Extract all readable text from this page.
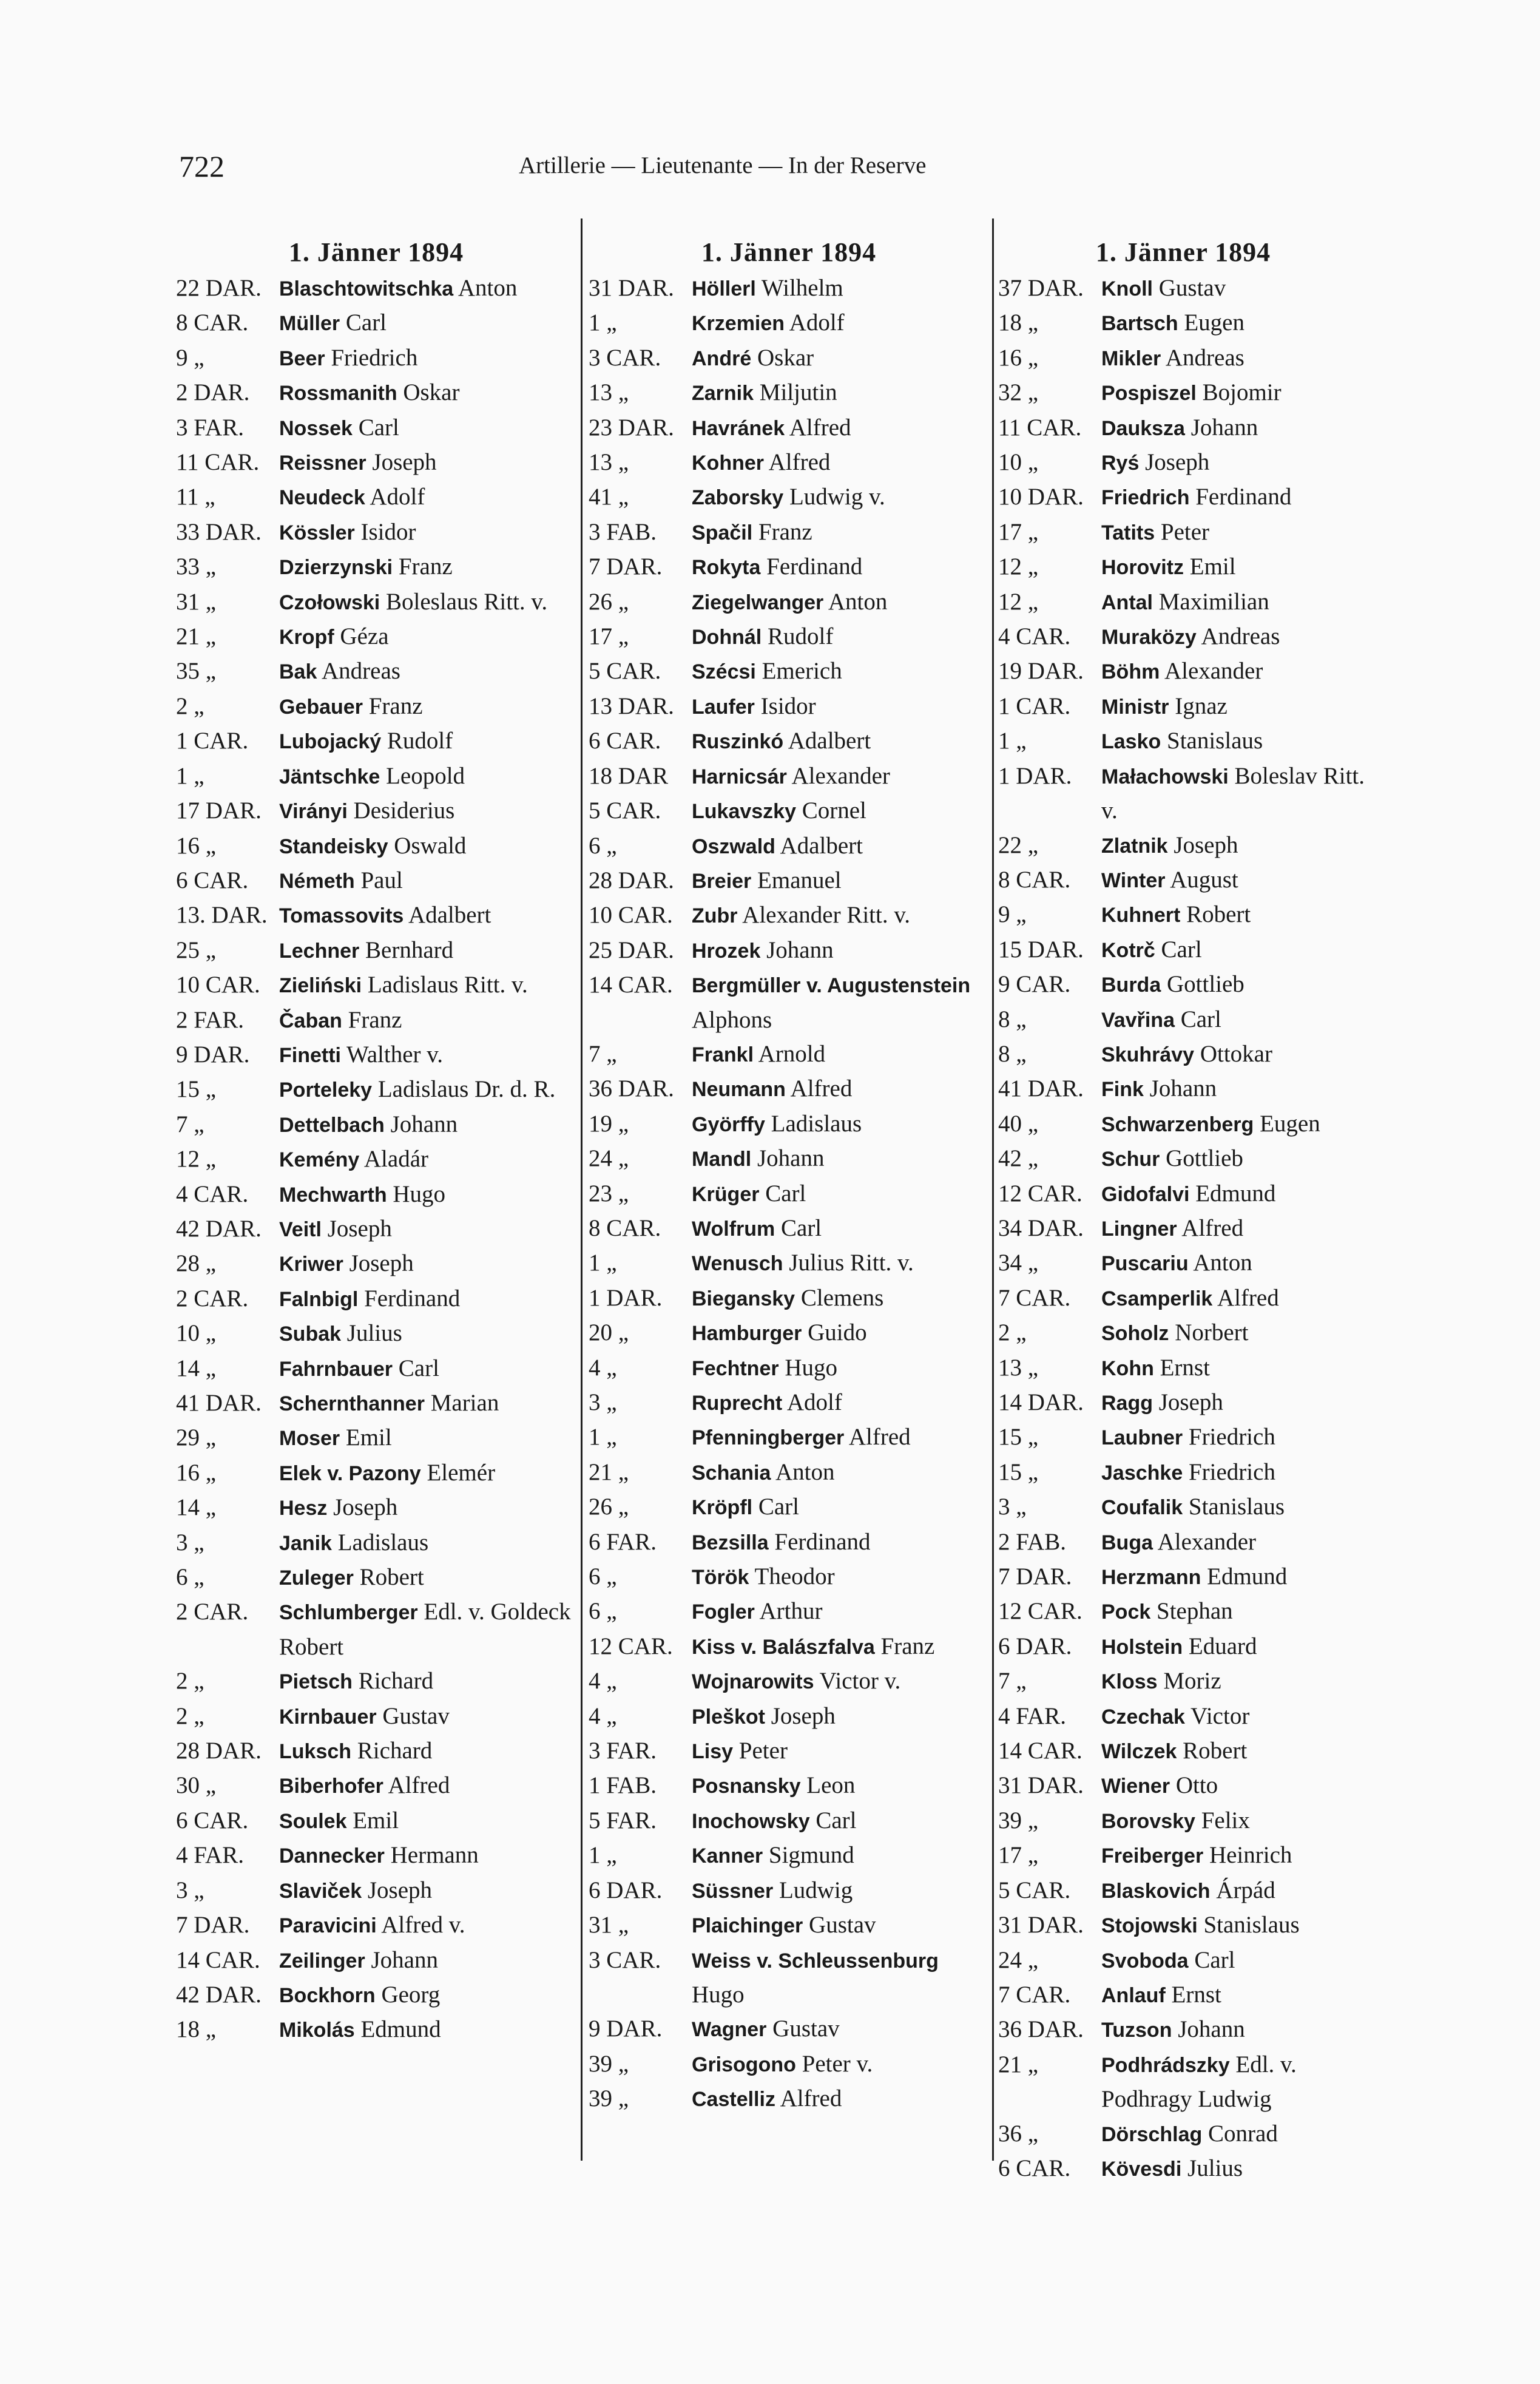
722	Artillerie — Lieutenante — In der Reserve
1. Jänner 1894
22 DAR. Blaschtowitschka Anton
8 CAR.	Müller Carl
9 „	Beer Friedrich
2 DAR.	Rossmanith Oskar
3 FAR.	Nossek Carl
11 CAR. Reissner Joseph
11 „	Neudeck Adolf
33 DAR. Kössler Isidor
33 „	Dzierzynski Franz
31 „	Czołowski Boleslaus Ritt. v.
21 „	Kropf Géza
35 „	Bak Andreas
2 „	Gebauer Franz
1 CAR.	Lubojacký Rudolf
1 „	Jäntschke Leopold
17 DAR. Virányi Desiderius
16 „	Standeisky Oswald
6 CAR.	Németh Paul
13. DAR. Tomassovits Adalbert
25 „	Lechner Bernhard
10 CAR. Zieliński Ladislaus Ritt. v.
2 FAR.	Čaban Franz
9 DAR.	Finetti Walther v.
15 „	Porteleky Ladislaus Dr. d. R.
7 „	Dettelbach Johann
12 „	Kemény Aladár
4 CAR.	Mechwarth Hugo
42 DAR. Veitl Joseph
28 „	Kriwer Joseph
2 CAR.	Falnbigl Ferdinand
10 „	Subak Julius
14 „	Fahrnbauer Carl
41 DAR. Schernthanner Marian
29 „	Moser Emil
16 „	Elek v. Pazony Elemér
14 „	Hesz Joseph
3 „	Janik Ladislaus
6 „	Zuleger Robert
2 CAR.	Schlumberger Edl. v. Goldeck Robert
2 „	Pietsch Richard
2 „	Kirnbauer Gustav
28 DAR. Luksch Richard
30 „	Biberhofer Alfred
6 CAR.	Soulek Emil
4 FAR.	Dannecker Hermann
3 „	Slaviček Joseph
7 DAR.	Paravicini Alfred v.
14 CAR. Zeilinger Johann
42 DAR. Bockhorn Georg
18 „	Mikolás Edmund
1. Jänner 1894
31 DAR. Höllerl Wilhelm
1 „	Krzemien Adolf
3 CAR.	André Oskar
13 „	Zarnik Miljutin
23 DAR. Havránek Alfred
13 „	Kohner Alfred
41 „	Zaborsky Ludwig v.
3 FAB.	Spačil Franz
7 DAR.	Rokyta Ferdinand
26 „	Ziegelwanger Anton
17 „	Dohnál Rudolf
5 CAR.	Szécsi Emerich
13 DAR. Laufer Isidor
6 CAR.	Ruszinkó Adalbert
18 DAR	Harnicsár Alexander
5 CAR.	Lukavszky Cornel
6 „	Oszwald Adalbert
28 DAR. Breier Emanuel
10 CAR. Zubr Alexander Ritt. v.
25 DAR. Hrozek Johann
14 CAR. Bergmüller v. Augustenstein Alphons
7 „	Frankl Arnold
36 DAR. Neumann Alfred
19 „	Györffy Ladislaus
24 „	Mandl Johann
23 „	Krüger Carl
8 CAR.	Wolfrum Carl
1 „	Wenusch Julius Ritt. v.
1 DAR.	Biegansky Clemens
20 „	Hamburger Guido
4 „	Fechtner Hugo
3 „	Ruprecht Adolf
1 „	Pfenningberger Alfred
21 „	Schania Anton
26 „	Kröpfl Carl
6 FAR.	Bezsilla Ferdinand
6 „	Török Theodor
6 „	Fogler Arthur
12 CAR. Kiss v. Balászfalva Franz
4 „	Wojnarowits Victor v.
4 „	Pleškot Joseph
3 FAR.	Lisy Peter
1 FAB.	Posnansky Leon
5 FAR.	Inochowsky Carl
1 „	Kanner Sigmund
6 DAR.	Süssner Ludwig
31 „	Plaichinger Gustav
3 CAR.	Weiss v. Schleussenburg Hugo
9 DAR.	Wagner Gustav
39 „	Grisogono Peter v.
39 „	Castelliz Alfred
1. Jänner 1894
37 DAR. Knoll Gustav
18 „	Bartsch Eugen
16 „	Mikler Andreas
32 „	Pospiszel Bojomir
11 CAR. Dauksza Johann
10 „	Ryś Joseph
10 DAR. Friedrich Ferdinand
17 „	Tatits Peter
12 „	Horovitz Emil
12 „	Antal Maximilian
4 CAR.	Muraközy Andreas
19 DAR. Böhm Alexander
1 CAR.	Ministr Ignaz
1 „	Lasko Stanislaus
1 DAR.	Małachowski Boleslav Ritt. v.
22 „	Zlatnik Joseph
8 CAR.	Winter August
9 „	Kuhnert Robert
15 DAR. Kotrč Carl
9 CAR.	Burda Gottlieb
8 „	Vavřina Carl
8 „	Skuhrávy Ottokar
41 DAR. Fink Johann
40 „	Schwarzenberg Eugen
42 „	Schur Gottlieb
12 CAR. Gidofalvi Edmund
34 DAR. Lingner Alfred
34 „	Puscariu Anton
7 CAR.	Csamperlik Alfred
2 „	Soholz Norbert
13 „	Kohn Ernst
14 DAR. Ragg Joseph
15 „	Laubner Friedrich
15 „	Jaschke Friedrich
3 „	Coufalik Stanislaus
2 FAB.	Buga Alexander
7 DAR.	Herzmann Edmund
12 CAR. Pock Stephan
6 DAR.	Holstein Eduard
7 „	Kloss Moriz
4 FAR.	Czechak Victor
14 CAR. Wilczek Robert
31 DAR. Wiener Otto
39 „	Borovsky Felix
17 „	Freiberger Heinrich
5 CAR.	Blaskovich Árpád
31 DAR. Stojowski Stanislaus
24 „	Svoboda Carl
7 CAR.	Anlauf Ernst
36 DAR. Tuzson Johann
21 „	Podhrádszky Edl. v. Podhragy Ludwig
36 „	Dörschlag Conrad
6 CAR.	Kövesdi Julius
